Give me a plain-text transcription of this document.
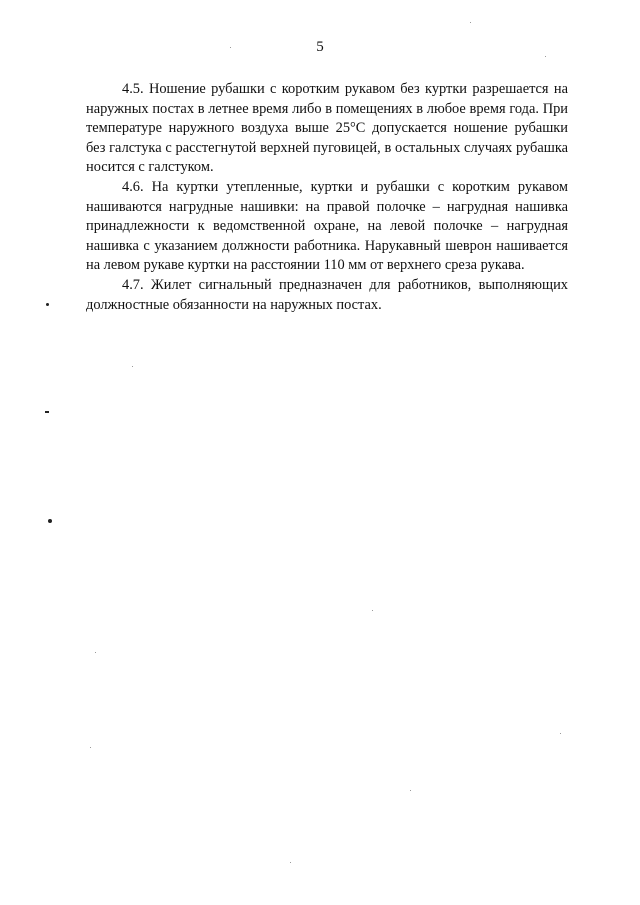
5

4.5. Ношение рубашки с коротким рукавом без куртки разрешается на наружных постах в летнее время либо в помещениях в любое время года. При температуре наружного воздуха выше 25°С допускается ношение рубашки без галстука с расстегнутой верхней пуговицей, в остальных случаях рубашка носится с галстуком.

4.6. На куртки утепленные, куртки и рубашки с коротким рукавом нашиваются нагрудные нашивки: на правой полочке – нагрудная нашивка принадлежности к ведомственной охране, на левой полочке – нагрудная нашивка с указанием должности работника. Нарукавный шеврон нашивается на левом рукаве куртки на расстоянии 110 мм от верхнего среза рукава.

4.7. Жилет сигнальный предназначен для работников, выполняющих должностные обязанности на наружных постах.
